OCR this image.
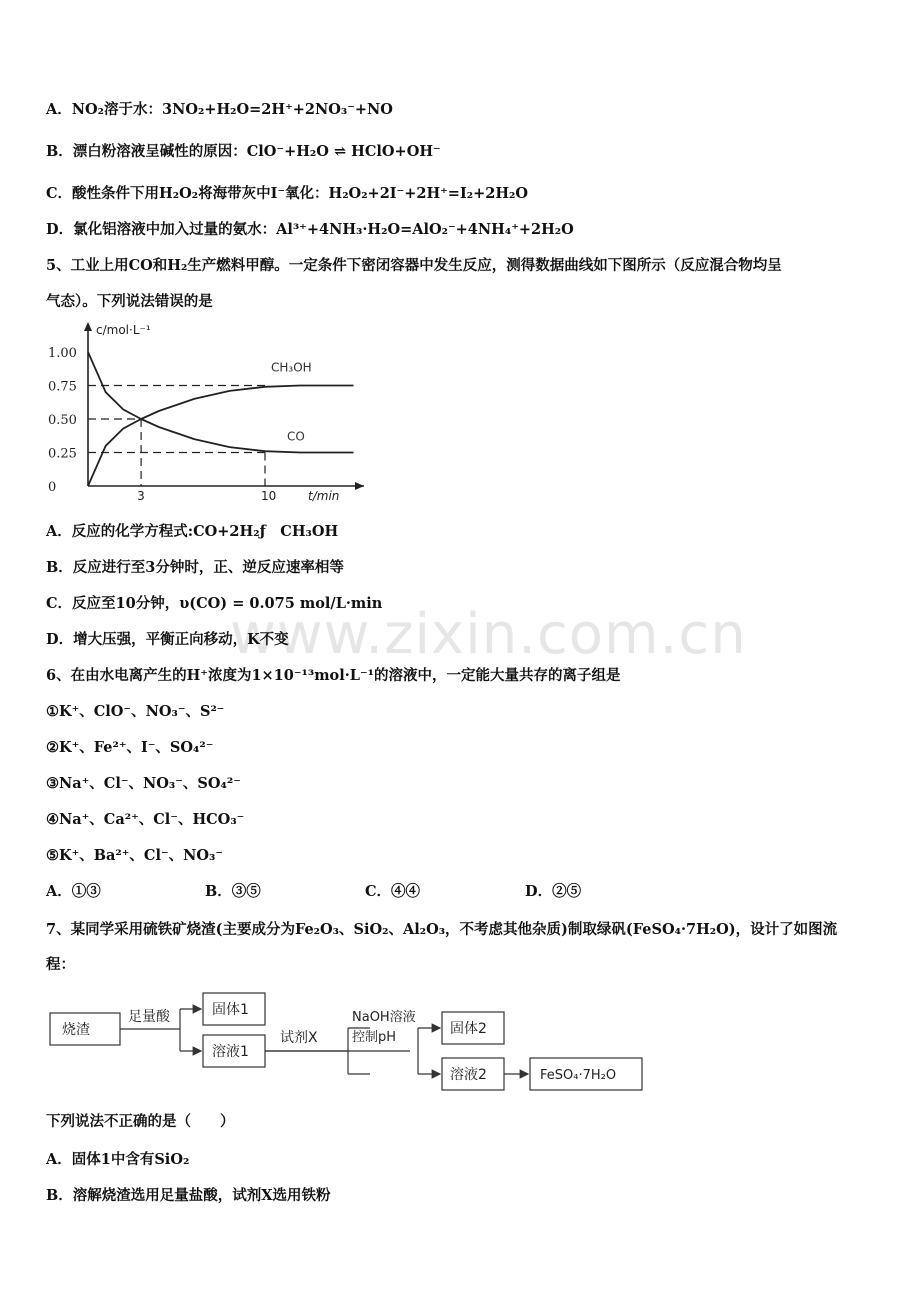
www.zixin.com.cn
A．NO₂溶于水：3NO₂+H₂O=2H⁺+2NO₃⁻+NO
B．漂白粉溶液呈碱性的原因：ClO⁻+H₂O ⇌ HClO+OH⁻
C．酸性条件下用H₂O₂将海带灰中I⁻氧化：H₂O₂+2I⁻+2H⁺=I₂+2H₂O
D．氯化铝溶液中加入过量的氨水：Al³⁺+4NH₃·H₂O=AlO₂⁻+4NH₄⁺+2H₂O
5、工业上用CO和H₂生产燃料甲醇。一定条件下密闭容器中发生反应，测得数据曲线如下图所示（反应混合物均呈
气态）。下列说法错误的是
c/mol·L⁻¹
t/min
1.00
0.75
0.50
0.25
0
3	10
CH₃OH
CO
A．反应的化学方程式:CO+2H₂ƒ　CH₃OH
B．反应进行至3分钟时，正、逆反应速率相等
C．反应至10分钟，υ(CO) = 0.075 mol/L·min
D．增大压强，平衡正向移动，K不变
6、在由水电离产生的H⁺浓度为1×10⁻¹³mol·L⁻¹的溶液中，一定能大量共存的离子组是
①K⁺、ClO⁻、NO₃⁻、S²⁻
②K⁺、Fe²⁺、I⁻、SO₄²⁻
③Na⁺、Cl⁻、NO₃⁻、SO₄²⁻
④Na⁺、Ca²⁺、Cl⁻、HCO₃⁻
⑤K⁺、Ba²⁺、Cl⁻、NO₃⁻
A．①③	B．③⑤	C．④④	D．②⑤
7、某同学采用硫铁矿烧渣(主要成分为Fe₂O₃、SiO₂、Al₂O₃，不考虑其他杂质)制取绿矾(FeSO₄·7H₂O)，设计了如图流
程：
烧渣
足量酸	固体1
溶液1
试剂X
NaOH溶液
控制pH
固体2
溶液2	FeSO₄·7H₂O
下列说法不正确的是（　　）
A．固体1中含有SiO₂
B．溶解烧渣选用足量盐酸，试剂X选用铁粉
